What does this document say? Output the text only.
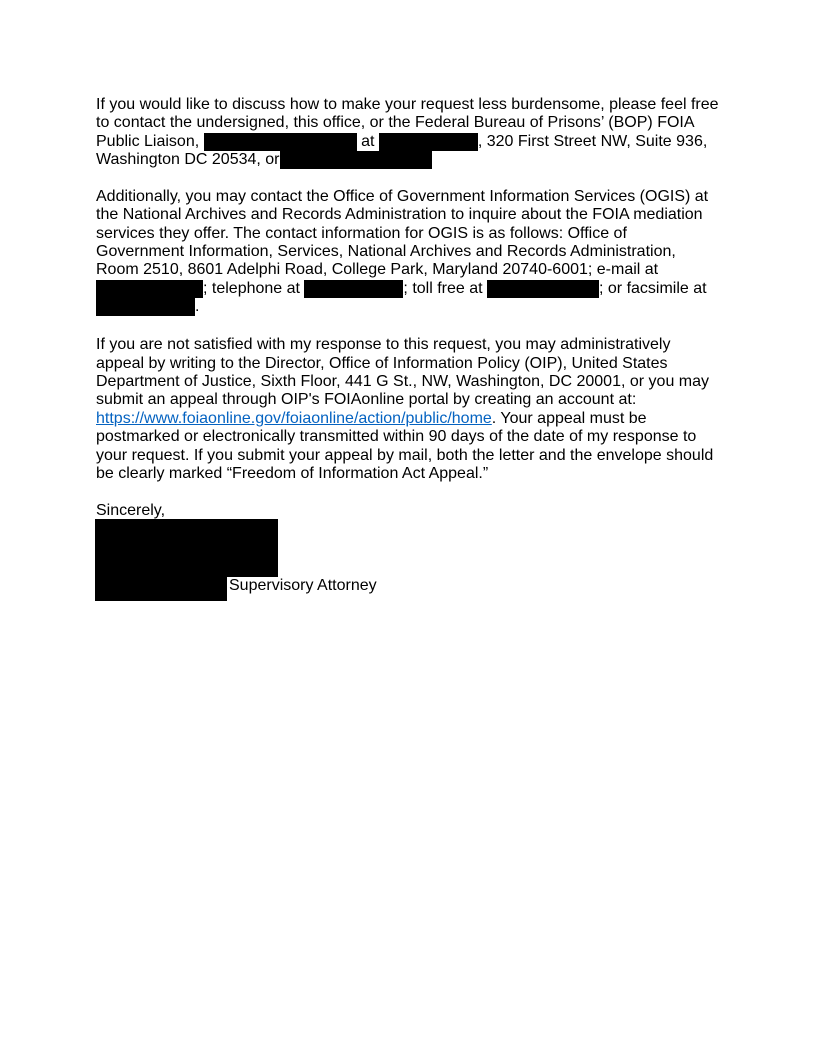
If you would like to discuss how to make your request less burdensome, please feel free
to contact the undersigned, this office, or the Federal Bureau of Prisons’ (BOP) FOIA
Public Liaison,	at	, 320 First Street NW, Suite 936,
Washington DC 20534, or
Additionally, you may contact the Office of Government Information Services (OGIS) at
the National Archives and Records Administration to inquire about the FOIA mediation
services they offer. The contact information for OGIS is as follows: Office of
Government Information, Services, National Archives and Records Administration,
Room 2510, 8601 Adelphi Road, College Park, Maryland 20740-6001; e-mail at
; telephone at	; toll free at	; or facsimile at
.
If you are not satisfied with my response to this request, you may administratively
appeal by writing to the Director, Office of Information Policy (OIP), United States
Department of Justice, Sixth Floor, 441 G St., NW, Washington, DC 20001, or you may
submit an appeal through OIP's FOIAonline portal by creating an account at:
https://www.foiaonline.gov/foiaonline/action/public/home. Your appeal must be
postmarked or electronically transmitted within 90 days of the date of my response to
your request. If you submit your appeal by mail, both the letter and the envelope should
be clearly marked “Freedom of Information Act Appeal.”
Sincerely,
Supervisory Attorney
